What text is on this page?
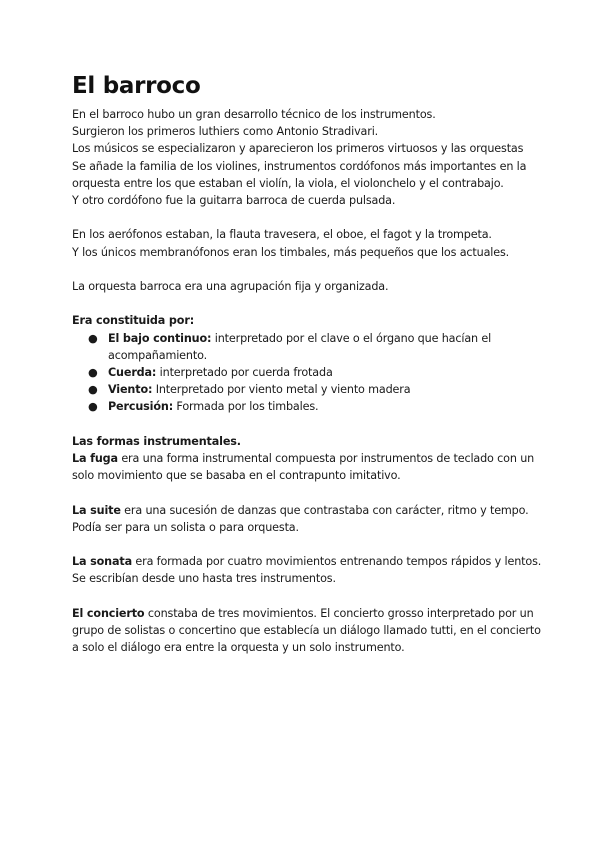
El barroco

En el barroco hubo un gran desarrollo técnico de los instrumentos.

Surgieron los primeros luthiers como Antonio Stradivari.

Los músicos se especializaron y aparecieron los primeros virtuosos y las orquestas

Se añade la familia de los violines, instrumentos cordófonos más importantes en la orquesta entre los que estaban el violín, la viola, el violonchelo y el contrabajo.

Y otro cordófono fue la guitarra barroca de cuerda pulsada.

En los aerófonos estaban, la flauta travesera, el oboe, el fagot y la trompeta.

Y los únicos membranófonos eran los timbales, más pequeños que los actuales.

La orquesta barroca era una agrupación fija y organizada.

Era constituida por:

● El bajo continuo: interpretado por el clave o el órgano que hacían el acompañamiento.
● Cuerda: interpretado por cuerda frotada
● Viento: Interpretado por viento metal y viento madera
● Percusión: Formada por los timbales.

Las formas instrumentales.

La fuga era una forma instrumental compuesta por instrumentos de teclado con un solo movimiento que se basaba en el contrapunto imitativo.

La suite era una sucesión de danzas que contrastaba con carácter, ritmo y tempo. Podía ser para un solista o para orquesta.

La sonata era formada por cuatro movimientos entrenando tempos rápidos y lentos. Se escribían desde uno hasta tres instrumentos.

El concierto constaba de tres movimientos. El concierto grosso interpretado por un grupo de solistas o concertino que establecía un diálogo llamado tutti, en el concierto a solo el diálogo era entre la orquesta y un solo instrumento.
